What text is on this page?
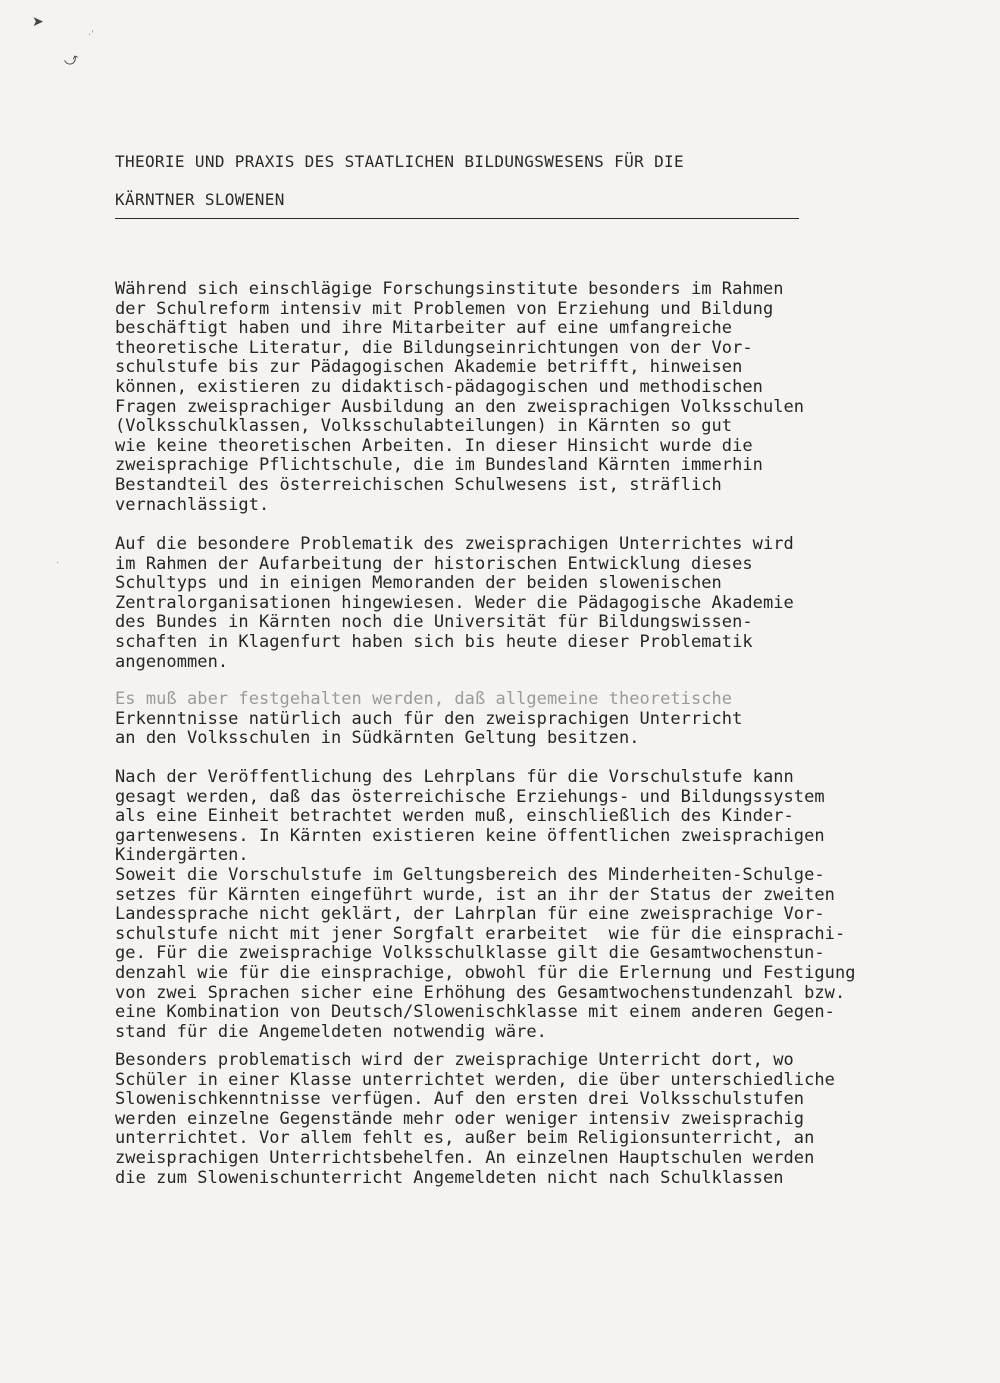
➤
⤻
·ʹ
·
THEORIE UND PRAXIS DES STAATLICHEN BILDUNGSWESENS FÜR DIE
KÄRNTNER SLOWENEN
Während sich einschlägige Forschungsinstitute besonders im Rahmen
der Schulreform intensiv mit Problemen von Erziehung und Bildung
beschäftigt haben und ihre Mitarbeiter auf eine umfangreiche
theoretische Literatur, die Bildungseinrichtungen von der Vor-
schulstufe bis zur Pädagogischen Akademie betrifft, hinweisen
können, existieren zu didaktisch-pädagogischen und methodischen
Fragen zweisprachiger Ausbildung an den zweisprachigen Volksschulen
(Volksschulklassen, Volksschulabteilungen) in Kärnten so gut
wie keine theoretischen Arbeiten. In dieser Hinsicht wurde die
zweisprachige Pflichtschule, die im Bundesland Kärnten immerhin
Bestandteil des österreichischen Schulwesens ist, sträflich
vernachlässigt.
Auf die besondere Problematik des zweisprachigen Unterrichtes wird
im Rahmen der Aufarbeitung der historischen Entwicklung dieses
Schultyps und in einigen Memoranden der beiden slowenischen
Zentralorganisationen hingewiesen. Weder die Pädagogische Akademie
des Bundes in Kärnten noch die Universität für Bildungswissen-
schaften in Klagenfurt haben sich bis heute dieser Problematik
angenommen.
Es muß aber festgehalten werden, daß allgemeine theoretische
Erkenntnisse natürlich auch für den zweisprachigen Unterricht
an den Volksschulen in Südkärnten Geltung besitzen.
Nach der Veröffentlichung des Lehrplans für die Vorschulstufe kann
gesagt werden, daß das österreichische Erziehungs- und Bildungssystem
als eine Einheit betrachtet werden muß, einschließlich des Kinder-
gartenwesens. In Kärnten existieren keine öffentlichen zweisprachigen
Kindergärten.
Soweit die Vorschulstufe im Geltungsbereich des Minderheiten-Schulge-
setzes für Kärnten eingeführt wurde, ist an ihr der Status der zweiten
Landessprache nicht geklärt, der Lahrplan für eine zweisprachige Vor-
schulstufe nicht mit jener Sorgfalt erarbeitet  wie für die einsprachi-
ge. Für die zweisprachige Volksschulklasse gilt die Gesamtwochenstun-
denzahl wie für die einsprachige, obwohl für die Erlernung und Festigung
von zwei Sprachen sicher eine Erhöhung des Gesamtwochenstundenzahl bzw.
eine Kombination von Deutsch/Slowenischklasse mit einem anderen Gegen-
stand für die Angemeldeten notwendig wäre.
Besonders problematisch wird der zweisprachige Unterricht dort, wo
Schüler in einer Klasse unterrichtet werden, die über unterschiedliche
Slowenischkenntnisse verfügen. Auf den ersten drei Volksschulstufen
werden einzelne Gegenstände mehr oder weniger intensiv zweisprachig
unterrichtet. Vor allem fehlt es, außer beim Religionsunterricht, an
zweisprachigen Unterrichtsbehelfen. An einzelnen Hauptschulen werden
die zum Slowenischunterricht Angemeldeten nicht nach Schulklassen
